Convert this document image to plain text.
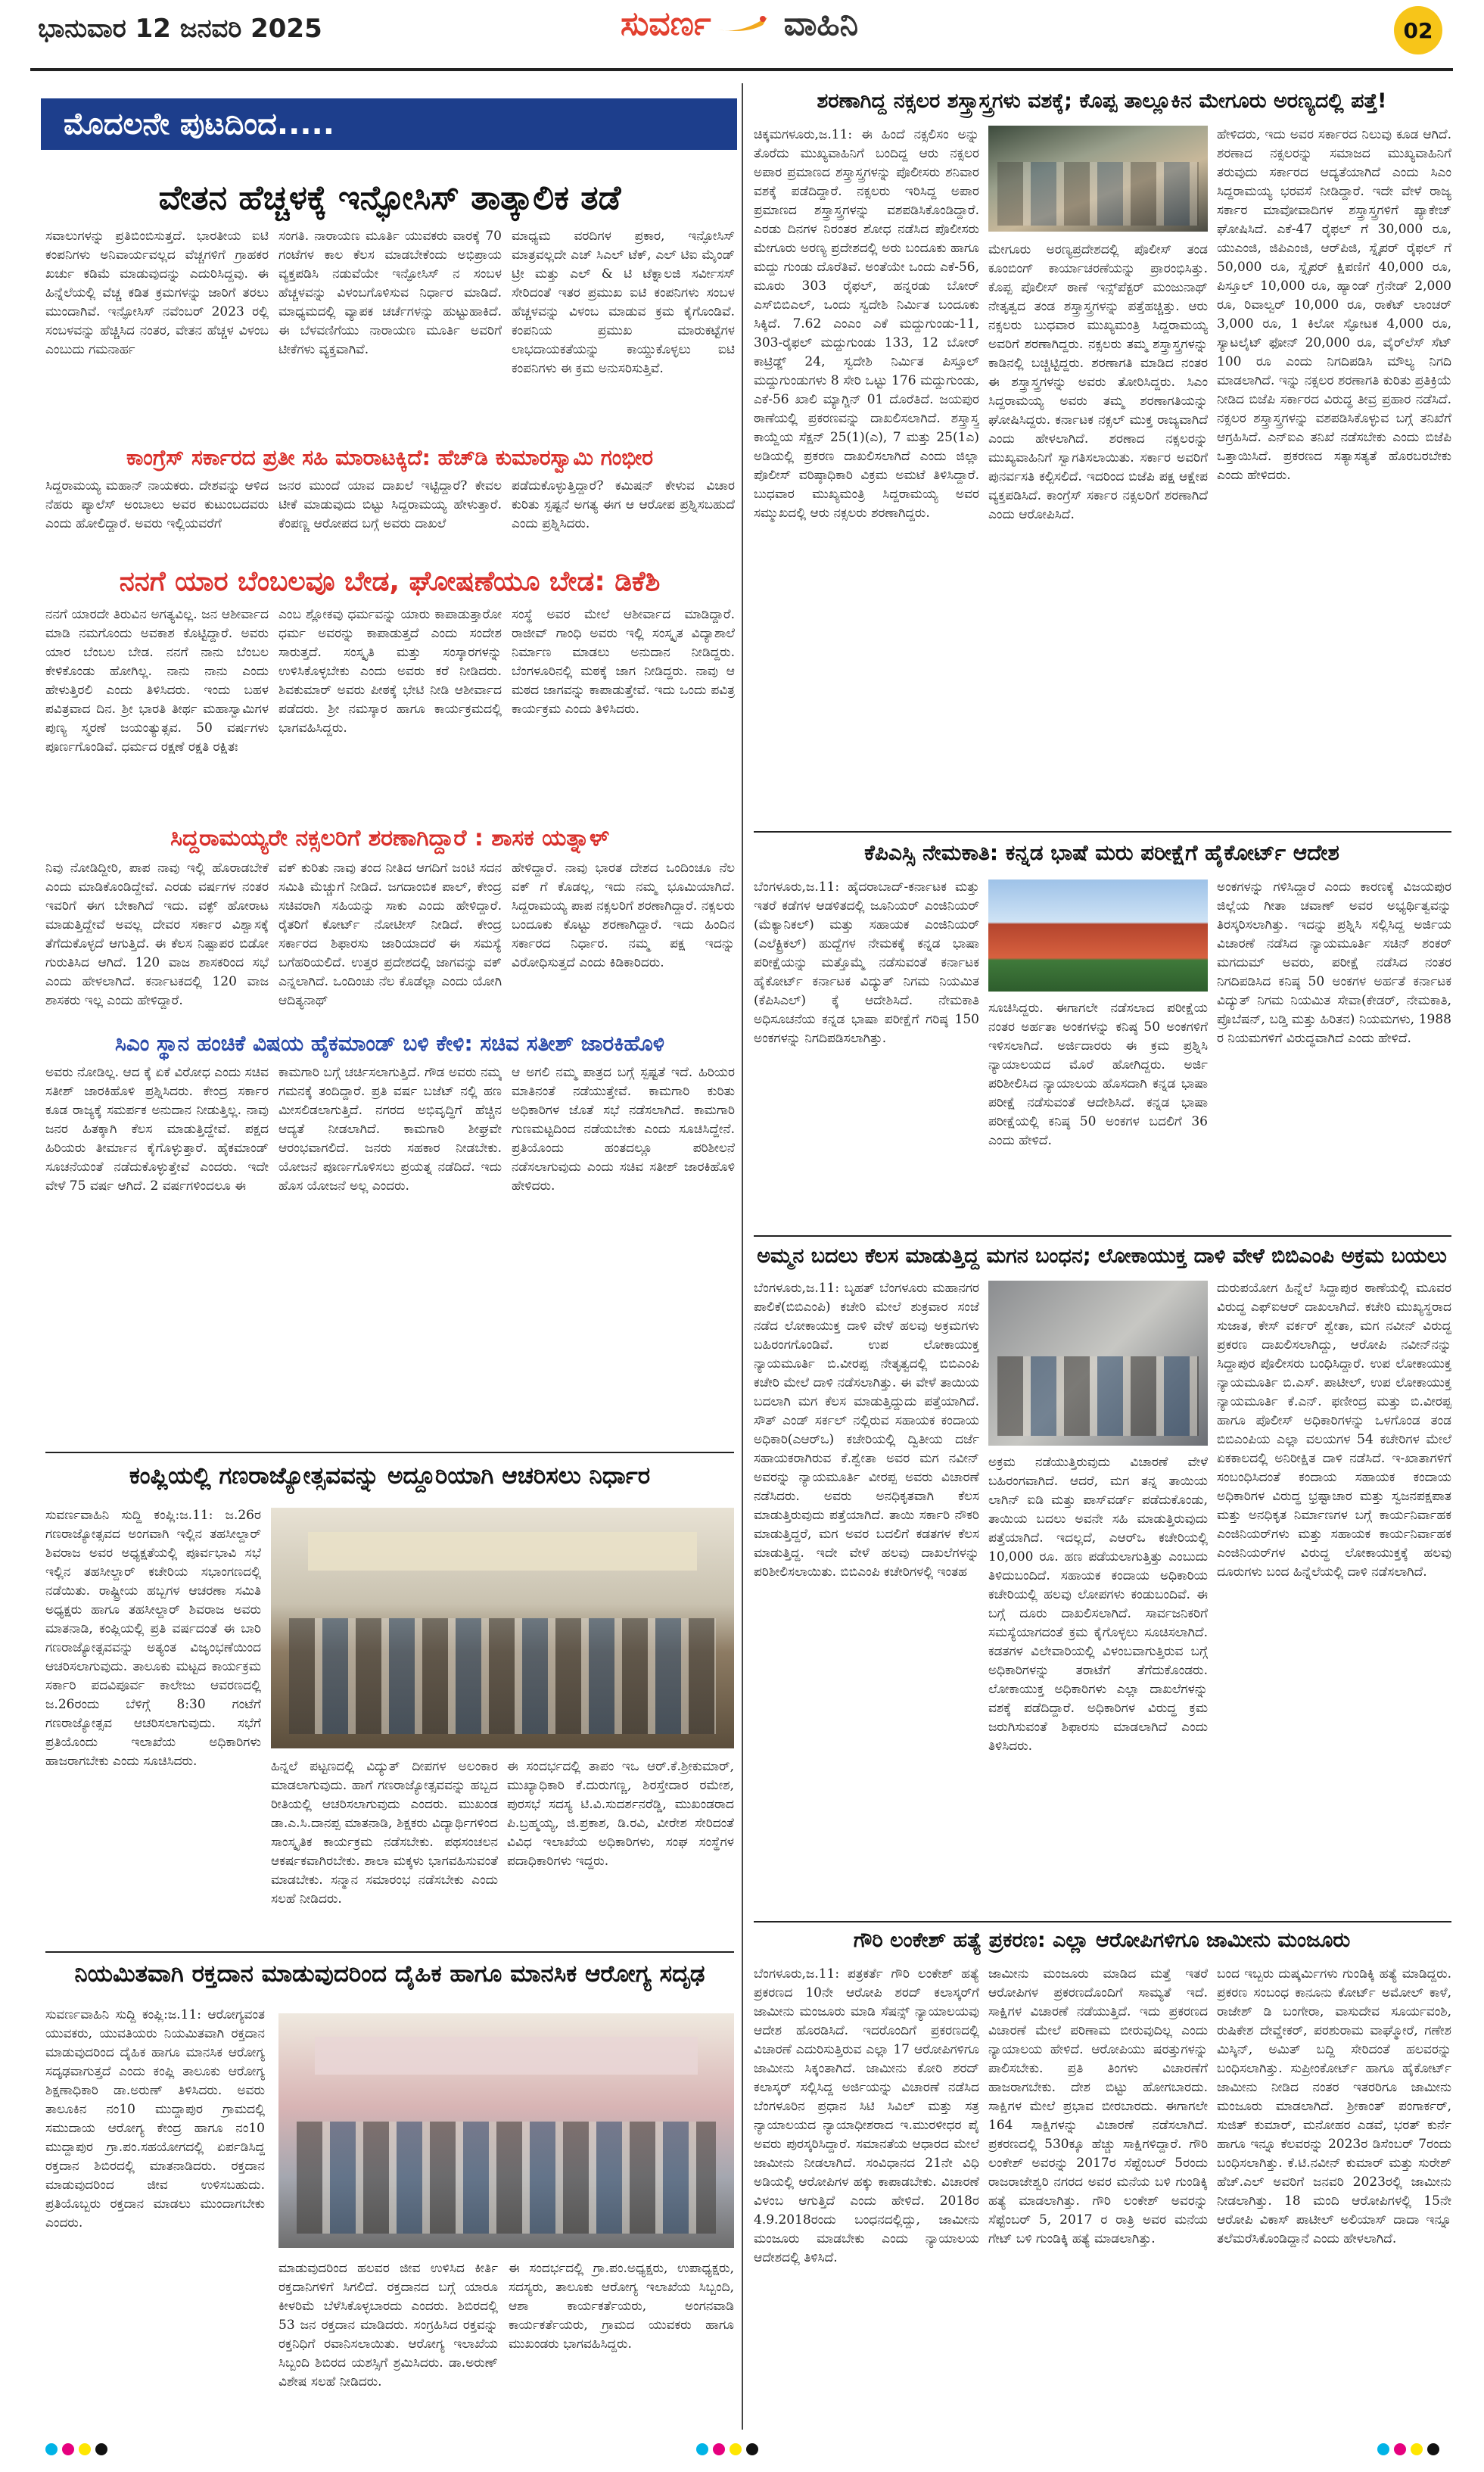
ಭಾನುವಾರ 12 ಜನವರಿ 2025	ಸುವರ್ಣ ವಾಹಿನಿ	02
ಮೊದಲನೇ ಪುಟದಿಂದ.....
ವೇತನ ಹೆಚ್ಚಳಕ್ಕೆ ಇನ್ಫೋಸಿಸ್ ತಾತ್ಕಾಲಿಕ ತಡೆ
ಸವಾಲುಗಳನ್ನು ಪ್ರತಿಬಿಂಬಿಸುತ್ತದೆ. ಭಾರತೀಯ ಐಟಿ ಕಂಪನಿಗಳು ಅನಿವಾರ್ಯವಲ್ಲದ ವೆಚ್ಚಗಳಿಗೆ ಗ್ರಾಹಕರ ಖರ್ಚು ಕಡಿಮೆ ಮಾಡುವುದನ್ನು ಎದುರಿಸಿದ್ದವು. ಈ ಹಿನ್ನೆಲೆಯಲ್ಲಿ ವೆಚ್ಚ ಕಡಿತ ಕ್ರಮಗಳನ್ನು ಜಾರಿಗೆ ತರಲು ಮುಂದಾಗಿವೆ. ಇನ್ಫೋಸಿಸ್ ನವೆಂಬರ್ 2023 ರಲ್ಲಿ ಸಂಬಳವನ್ನು ಹೆಚ್ಚಿಸಿದ ನಂತರ, ವೇತನ ಹೆಚ್ಚಳ ವಿಳಂಬ ಎಂಬುದು ಗಮನಾರ್ಹ
ಸಂಗತಿ. ನಾರಾಯಣ ಮೂರ್ತಿ ಯುವಕರು ವಾರಕ್ಕೆ 70 ಗಂಟೆಗಳ ಕಾಲ ಕೆಲಸ ಮಾಡಬೇಕೆಂದು ಅಭಿಪ್ರಾಯ ವ್ಯಕ್ತಪಡಿಸಿ ನಡುವೆಯೇ ಇನ್ಫೋಸಿಸ್ ನ ಸಂಬಳ ಹೆಚ್ಚಳವನ್ನು ವಿಳಂಬಗೊಳಿಸುವ ನಿರ್ಧಾರ ಮಾಡಿದೆ. ಮಾಧ್ಯಮದಲ್ಲಿ ವ್ಯಾಪಕ ಚರ್ಚೆಗಳನ್ನು ಹುಟ್ಟುಹಾಕಿದೆ. ಈ ಬೆಳವಣಿಗೆಯು ನಾರಾಯಣ ಮೂರ್ತಿ ಅವರಿಗೆ ಟೀಕೆಗಳು ವ್ಯಕ್ತವಾಗಿವೆ.
ಮಾಧ್ಯಮ ವರದಿಗಳ ಪ್ರಕಾರ, ಇನ್ಫೋಸಿಸ್ ಮಾತ್ರವಲ್ಲದೇ ಎಚ್ ಸಿಎಲ್ ಟೆಕ್, ಎಲ್ ಟಿಐ ಮೈಂಡ್ ಟ್ರೀ ಮತ್ತು ಎಲ್ & ಟಿ ಟೆಕ್ನಾಲಜಿ ಸರ್ವೀಸಸ್ ಸೇರಿದಂತೆ ಇತರ ಪ್ರಮುಖ ಐಟಿ ಕಂಪನಿಗಳು ಸಂಬಳ ಹೆಚ್ಚಳವನ್ನು ವಿಳಂಬ ಮಾಡುವ ಕ್ರಮ ಕೈಗೊಂಡಿವೆ. ಕಂಪನಿಯ ಪ್ರಮುಖ ಮಾರುಕಟ್ಟೆಗಳ ಲಾಭದಾಯಕತೆಯನ್ನು ಕಾಯ್ದುಕೊಳ್ಳಲು ಐಟಿ ಕಂಪನಿಗಳು ಈ ಕ್ರಮ ಅನುಸರಿಸುತ್ತಿವೆ.
ಕಾಂಗ್ರೆಸ್ ಸರ್ಕಾರದ ಪ್ರತೀ ಸಹಿ ಮಾರಾಟಕ್ಕಿದೆ: ಹೆಚ್‌ಡಿ ಕುಮಾರಸ್ವಾಮಿ ಗಂಭೀರ
ಸಿದ್ದರಾಮಯ್ಯ ಮಹಾನ್ ನಾಯಕರು. ದೇಶವನ್ನು ಆಳಿದ ನೆಹರು ಪ್ಯಾಲೆಸ್ ಅಂಬಾಲು ಅವರ ಕುಟುಂಬದವರು ಎಂದು ಹೋಲಿದ್ದಾರೆ. ಅವರು ಇಲ್ಲಿಯವರೆಗೆ
ಜನರ ಮುಂದೆ ಯಾವ ದಾಖಲೆ ಇಟ್ಟಿದ್ದಾರೆ? ಕೇವಲ ಟೀಕೆ ಮಾಡುವುದು ಬಿಟ್ಟು ಸಿದ್ದರಾಮಯ್ಯ ಹೇಳುತ್ತಾರೆ. ಕೆಂಪಣ್ಣ ಆರೋಪದ ಬಗ್ಗೆ ಅವರು ದಾಖಲೆ
ಪಡೆದುಕೊಳ್ಳುತ್ತಿದ್ದಾರೆ? ಕಮಿಷನ್ ಕೇಳುವ ವಿಚಾರ ಕುರಿತು ಸ್ಪಷ್ಟನೆ ಅಗತ್ಯ ಈಗ ಆ ಆರೋಪ ಪ್ರಶ್ನಿಸಬಹುದೆ ಎಂದು ಪ್ರಶ್ನಿಸಿದರು.
ನನಗೆ ಯಾರ ಬೆಂಬಲವೂ ಬೇಡ, ಘೋಷಣೆಯೂ ಬೇಡ: ಡಿಕೆಶಿ
ನನಗೆ ಯಾರದೇ ತಿರುವಿನ ಅಗತ್ಯವಿಲ್ಲ. ಜನ ಆಶೀರ್ವಾದ ಮಾಡಿ ನಮಗೊಂದು ಅವಕಾಶ ಕೊಟ್ಟಿದ್ದಾರೆ. ಅವರು ಯಾರ ಬೆಂಬಲ ಬೇಡ. ನನಗೆ ನಾನು ಬೆಂಬಲ ಕೇಳಿಕೊಂಡು ಹೋಗಿಲ್ಲ. ನಾನು ನಾನು ಎಂದು ಹೇಳುತ್ತಿರಲಿ ಎಂದು ತಿಳಿಸಿದರು. ಇಂದು ಬಹಳ ಪವಿತ್ರವಾದ ದಿನ. ಶ್ರೀ ಭಾರತಿ ತೀರ್ಥ ಮಹಾಸ್ವಾಮಿಗಳ ಪುಣ್ಯ ಸ್ಮರಣೆ ಜಯಂತ್ಯುತ್ಸವ. 50 ವರ್ಷಗಳು ಪೂರ್ಣಗೊಂಡಿವೆ. ಧರ್ಮದ ರಕ್ಷಣೆ ರಕ್ಷತಿ ರಕ್ಷಿತಃ
ಎಂಬ ಶ್ಲೋಕವು ಧರ್ಮವನ್ನು ಯಾರು ಕಾಪಾಡುತ್ತಾರೋ ಧರ್ಮ ಅವರನ್ನು ಕಾಪಾಡುತ್ತದೆ ಎಂದು ಸಂದೇಶ ಸಾರುತ್ತದೆ. ಸಂಸ್ಕೃತಿ ಮತ್ತು ಸಂಸ್ಕಾರಗಳನ್ನು ಉಳಿಸಿಕೊಳ್ಳಬೇಕು ಎಂದು ಅವರು ಕರೆ ನೀಡಿದರು. ಶಿವಕುಮಾರ್ ಅವರು ಪೀಠಕ್ಕೆ ಭೇಟಿ ನೀಡಿ ಆಶೀರ್ವಾದ ಪಡೆದರು. ಶ್ರೀ ನಮಸ್ಕಾರ ಹಾಗೂ ಕಾರ್ಯಕ್ರಮದಲ್ಲಿ ಭಾಗವಹಿಸಿದ್ದರು.
ಸಂಸ್ಥೆ ಅವರ ಮೇಲೆ ಆಶೀರ್ವಾದ ಮಾಡಿದ್ದಾರೆ. ರಾಜೀವ್ ಗಾಂಧಿ ಅವರು ಇಲ್ಲಿ ಸಂಸ್ಕೃತ ವಿದ್ಯಾಶಾಲೆ ನಿರ್ಮಾಣ ಮಾಡಲು ಅನುದಾನ ನೀಡಿದ್ದರು. ಬೆಂಗಳೂರಿನಲ್ಲಿ ಮಠಕ್ಕೆ ಜಾಗ ನೀಡಿದ್ದರು. ನಾವು ಆ ಮಠದ ಜಾಗವನ್ನು ಕಾಪಾಡುತ್ತೇವೆ. ಇದು ಒಂದು ಪವಿತ್ರ ಕಾರ್ಯಕ್ರಮ ಎಂದು ತಿಳಿಸಿದರು.
ಸಿದ್ದರಾಮಯ್ಯರೇ ನಕ್ಸಲರಿಗೆ ಶರಣಾಗಿದ್ದಾರೆ : ಶಾಸಕ ಯತ್ನಾಳ್
ನಿವು ನೋಡಿದ್ದೀರಿ, ಪಾಪ ನಾವು ಇಲ್ಲಿ ಹೊರಾಡಬೇಕೆ ಎಂದು ಮಾಡಿಕೊಂಡಿದ್ದೇವೆ. ಎರಡು ವರ್ಷಗಳ ನಂತರ ಇವರಿಗೆ ಈಗ ಬೇಕಾಗಿದೆ ಇದು. ವಕ್ಫ್ ಹೋರಾಟ ಮಾಡುತ್ತಿದ್ದೇವೆ ಅವಲ್ಲ ದೇವರ ಸರ್ಕಾರ ವಿಶ್ವಾಸಕ್ಕೆ ತೆಗೆದುಕೊಳ್ಳದೆ ಆಗುತ್ತಿದೆ. ಈ ಕೆಲಸ ನಿಷ್ಪಾಪರ ಬಿಡೋ ಗುರುತಿಸಿದ ಆಗಿದೆ. 120 ವಾಜ ಶಾಸಕರಿಂದ ಸಭೆ ಎಂದು ಹೇಳಲಾಗಿದೆ. ಕರ್ನಾಟಕದಲ್ಲಿ 120 ವಾಜ ಶಾಸಕರು ಇಲ್ಲ ಎಂದು ಹೇಳಿದ್ದಾರೆ.
ವಕ್ ಕುರಿತು ನಾವು ತಂದ ನೀತಿದ ಆಗದಿಗೆ ಜಂಟಿ ಸದನ ಸಮಿತಿ ಮೆಚ್ಚುಗೆ ನೀಡಿದೆ. ಜಗದಾಂಬಿಕ ಪಾಲ್, ಕೇಂದ್ರ ಸಚಿವರಾಗಿ ಸಹಿಯನ್ನು ಸಾಕು ಎಂದು ಹೇಳಿದ್ದಾರೆ. ರೈತರಿಗೆ ಕೋರ್ಟ್ ನೋಟೀಸ್ ನೀಡಿದೆ. ಕೇಂದ್ರ ಸರ್ಕಾರದ ಶಿಫಾರಸು ಜಾರಿಯಾದರೆ ಈ ಸಮಸ್ಯೆ ಬಗೆಹರಿಯಲಿದೆ. ಉತ್ತರ ಪ್ರದೇಶದಲ್ಲಿ ಜಾಗವನ್ನು ವಕ್ ಎನ್ನಲಾಗಿದೆ. ಒಂದಿಂಚು ನೆಲ ಕೊಡೆಲ್ಲಾ ಎಂದು ಯೋಗಿ ಆದಿತ್ಯನಾಥ್
ಹೇಳಿದ್ದಾರೆ. ನಾವು ಭಾರತ ದೇಶದ ಒಂದಿಂಚೂ ನೆಲ ವಕ್ ಗೆ ಕೊಡಲ್ಲ, ಇದು ನಮ್ಮ ಭೂಮಿಯಾಗಿದೆ. ಸಿದ್ದರಾಮಯ್ಯ ಪಾಪ ನಕ್ಸಲರಿಗೆ ಶರಣಾಗಿದ್ದಾರೆ. ನಕ್ಸಲರು ಬಂದೂಕು ಕೊಟ್ಟು ಶರಣಾಗಿದ್ದಾರೆ. ಇದು ಹಿಂದಿನ ಸರ್ಕಾರದ ನಿರ್ಧಾರ. ನಮ್ಮ ಪಕ್ಷ ಇದನ್ನು ವಿರೋಧಿಸುತ್ತದೆ ಎಂದು ಕಿಡಿಕಾರಿದರು.
ಸಿಎಂ ಸ್ಥಾನ ಹಂಚಿಕೆ ವಿಷಯ ಹೈಕಮಾಂಡ್ ಬಳಿ ಕೇಳಿ: ಸಚಿವ ಸತೀಶ್ ಜಾರಕಿಹೊಳಿ
ಅವರು ನೋಡಿಲ್ಲ. ಆದ ಕ್ಕೆ ಏಕೆ ವಿರೋಧ ಎಂದು ಸಚಿವ ಸತೀಶ್ ಜಾರಕಿಹೊಳಿ ಪ್ರಶ್ನಿಸಿದರು. ಕೇಂದ್ರ ಸರ್ಕಾರ ಕೂಡ ರಾಜ್ಯಕ್ಕೆ ಸಮರ್ಪಕ ಅನುದಾನ ನೀಡುತ್ತಿಲ್ಲ. ನಾವು ಜನರ ಹಿತಕ್ಕಾಗಿ ಕೆಲಸ ಮಾಡುತ್ತಿದ್ದೇವೆ. ಪಕ್ಷದ ಹಿರಿಯರು ತೀರ್ಮಾನ ಕೈಗೊಳ್ಳುತ್ತಾರೆ. ಹೈಕಮಾಂಡ್ ಸೂಚನೆಯಂತೆ ನಡೆದುಕೊಳ್ಳುತ್ತೇವೆ ಎಂದರು. ಇದೇ ವೇಳೆ 75 ವರ್ಷ ಆಗಿದೆ. 2 ವರ್ಷಗಳಿಂದಲೂ ಈ
ಕಾಮಗಾರಿ ಬಗ್ಗೆ ಚರ್ಚಿಸಲಾಗುತ್ತಿದೆ. ಗೌಡ ಅವರು ನಮ್ಮ ಗಮನಕ್ಕೆ ತಂದಿದ್ದಾರೆ. ಪ್ರತಿ ವರ್ಷ ಬಜೆಟ್ ನಲ್ಲಿ ಹಣ ಮೀಸಲಿಡಲಾಗುತ್ತಿದೆ. ನಗರದ ಅಭಿವೃದ್ಧಿಗೆ ಹೆಚ್ಚಿನ ಆದ್ಯತೆ ನೀಡಲಾಗಿದೆ. ಕಾಮಗಾರಿ ಶೀಘ್ರವೇ ಆರಂಭವಾಗಲಿದೆ. ಜನರು ಸಹಕಾರ ನೀಡಬೇಕು. ಯೋಜನೆ ಪೂರ್ಣಗೊಳಿಸಲು ಪ್ರಯತ್ನ ನಡೆದಿದೆ. ಇದು ಹೊಸ ಯೋಜನೆ ಅಲ್ಲ ಎಂದರು.
ಆ ಅಗಲಿ ನಮ್ಮ ಪಾತ್ರದ ಬಗ್ಗೆ ಸ್ಪಷ್ಟತೆ ಇದೆ. ಹಿರಿಯರ ಮಾತಿನಂತೆ ನಡೆಯುತ್ತೇವೆ. ಕಾಮಗಾರಿ ಕುರಿತು ಅಧಿಕಾರಿಗಳ ಜೊತೆ ಸಭೆ ನಡೆಸಲಾಗಿದೆ. ಕಾಮಗಾರಿ ಗುಣಮಟ್ಟದಿಂದ ನಡೆಯಬೇಕು ಎಂದು ಸೂಚಿಸಿದ್ದೇನೆ. ಪ್ರತಿಯೊಂದು ಹಂತದಲ್ಲೂ ಪರಿಶೀಲನೆ ನಡೆಸಲಾಗುವುದು ಎಂದು ಸಚಿವ ಸತೀಶ್ ಜಾರಕಿಹೊಳಿ ಹೇಳಿದರು.
ಕಂಪ್ಲಿಯಲ್ಲಿ ಗಣರಾಜ್ಯೋತ್ಸವವನ್ನು ಅದ್ದೂರಿಯಾಗಿ ಆಚರಿಸಲು ನಿರ್ಧಾರ
ಸುವರ್ಣವಾಹಿನಿ ಸುದ್ದಿ ಕಂಪ್ಲಿ:ಜ.11: ಜ.26ರ ಗಣರಾಜ್ಯೋತ್ಸವದ ಅಂಗವಾಗಿ ಇಲ್ಲಿನ ತಹಸೀಲ್ದಾರ್ ಶಿವರಾಜ ಅವರ ಅಧ್ಯಕ್ಷತೆಯಲ್ಲಿ ಪೂರ್ವಭಾವಿ ಸಭೆ ಇಲ್ಲಿನ ತಹಸೀಲ್ದಾರ್ ಕಚೇರಿಯ ಸಭಾಂಗಣದಲ್ಲಿ ನಡೆಯಿತು. ರಾಷ್ಟ್ರೀಯ ಹಬ್ಬಗಳ ಆಚರಣಾ ಸಮಿತಿ ಅಧ್ಯಕ್ಷರು ಹಾಗೂ ತಹಸೀಲ್ದಾರ್ ಶಿವರಾಜ ಅವರು ಮಾತನಾಡಿ, ಕಂಪ್ಲಿಯಲ್ಲಿ ಪ್ರತಿ ವರ್ಷದಂತೆ ಈ ಬಾರಿ ಗಣರಾಜ್ಯೋತ್ಸವವನ್ನು ಅತ್ಯಂತ ವಿಜೃಂಭಣೆಯಿಂದ ಆಚರಿಸಲಾಗುವುದು. ತಾಲೂಕು ಮಟ್ಟದ ಕಾರ್ಯಕ್ರಮ ಸರ್ಕಾರಿ ಪದವಿಪೂರ್ವ ಕಾಲೇಜು ಆವರಣದಲ್ಲಿ ಜ.26ರಂದು ಬೆಳಿಗ್ಗೆ 8:30 ಗಂಟೆಗೆ ಗಣರಾಜ್ಯೋತ್ಸವ ಆಚರಿಸಲಾಗುವುದು. ಸಭೆಗೆ ಪ್ರತಿಯೊಂದು ಇಲಾಖೆಯ ಅಧಿಕಾರಿಗಳು ಹಾಜರಾಗಬೇಕು ಎಂದು ಸೂಚಿಸಿದರು.	ಹಿನ್ನಲೆ ಪಟ್ಟಣದಲ್ಲಿ ವಿದ್ಯುತ್ ದೀಪಗಳ ಅಲಂಕಾರ ಮಾಡಲಾಗುವುದು. ಹಾಗೆ ಗಣರಾಜ್ಯೋತ್ಸವವನ್ನು ಹಬ್ಬದ ರೀತಿಯಲ್ಲಿ ಆಚರಿಸಲಾಗುವುದು ಎಂದರು. ಮುಖಂಡ ಡಾ.ಎ.ಸಿ.ದಾನಪ್ಪ ಮಾತನಾಡಿ, ಶಿಕ್ಷಕರು ವಿದ್ಯಾರ್ಥಿಗಳಿಂದ ಸಾಂಸ್ಕೃತಿಕ ಕಾರ್ಯಕ್ರಮ ನಡೆಸಬೇಕು. ಪಥಸಂಚಲನ ಆಕರ್ಷಕವಾಗಿರಬೇಕು. ಶಾಲಾ ಮಕ್ಕಳು ಭಾಗವಹಿಸುವಂತೆ ಮಾಡಬೇಕು. ಸನ್ಮಾನ ಸಮಾರಂಭ ನಡೆಸಬೇಕು ಎಂದು ಸಲಹೆ ನೀಡಿದರು.
ಈ ಸಂದರ್ಭದಲ್ಲಿ ತಾಪಂ ಇಒ ಆರ್.ಕೆ.ಶ್ರೀಕುಮಾರ್, ಮುಖ್ಯಾಧಿಕಾರಿ ಕೆ.ದುರುಗಣ್ಣ, ಶಿರಸ್ತೇದಾರ ರಮೇಶ, ಪುರಸಭೆ ಸದಸ್ಯ ಟಿ.ವಿ.ಸುದರ್ಶನರೆಡ್ಡಿ, ಮುಖಂಡರಾದ ಪಿ.ಬ್ರಹ್ಮಯ್ಯ, ಜಿ.ಪ್ರಕಾಶ, ಡಿ.ರವಿ, ವೀರೇಶ ಸೇರಿದಂತೆ ವಿವಿಧ ಇಲಾಖೆಯ ಅಧಿಕಾರಿಗಳು, ಸಂಘ ಸಂಸ್ಥೆಗಳ ಪದಾಧಿಕಾರಿಗಳು ಇದ್ದರು.
ನಿಯಮಿತವಾಗಿ ರಕ್ತದಾನ ಮಾಡುವುದರಿಂದ ದೈಹಿಕ ಹಾಗೂ ಮಾನಸಿಕ ಆರೋಗ್ಯ ಸದೃಢ
ಸುವರ್ಣವಾಹಿನಿ ಸುದ್ದಿ ಕಂಪ್ಲಿ:ಜ.11: ಆರೋಗ್ಯವಂತ ಯುವಕರು, ಯುವತಿಯರು ನಿಯಮಿತವಾಗಿ ರಕ್ತದಾನ ಮಾಡುವುದರಿಂದ ದೈಹಿಕ ಹಾಗೂ ಮಾನಸಿಕ ಆರೋಗ್ಯ ಸದೃಢವಾಗುತ್ತದೆ ಎಂದು ಕಂಪ್ಲಿ ತಾಲೂಕು ಆರೋಗ್ಯ ಶಿಕ್ಷಣಾಧಿಕಾರಿ ಡಾ.ಅರುಣ್ ತಿಳಿಸಿದರು. ಅವರು ತಾಲೂಕಿನ ನಂ10 ಮುದ್ದಾಪುರ ಗ್ರಾಮದಲ್ಲಿ ಸಮುದಾಯ ಆರೋಗ್ಯ ಕೇಂದ್ರ ಹಾಗೂ ನಂ10 ಮುದ್ದಾಪುರ ಗ್ರಾ.ಪಂ.ಸಹಯೋಗದಲ್ಲಿ ಏರ್ಪಡಿಸಿದ್ದ ರಕ್ತದಾನ ಶಿಬಿರದಲ್ಲಿ ಮಾತನಾಡಿದರು. ರಕ್ತದಾನ ಮಾಡುವುದರಿಂದ ಜೀವ ಉಳಿಸಬಹುದು. ಪ್ರತಿಯೊಬ್ಬರು ರಕ್ತದಾನ ಮಾಡಲು ಮುಂದಾಗಬೇಕು ಎಂದರು.
ಮಾಡುವುದರಿಂದ ಹಲವರ ಜೀವ ಉಳಿಸಿದ ಕೀರ್ತಿ ರಕ್ತದಾನಿಗಳಿಗೆ ಸಿಗಲಿದೆ. ರಕ್ತದಾನದ ಬಗ್ಗೆ ಯಾರೂ ಕೀಳರಿಮೆ ಬೆಳೆಸಿಕೊಳ್ಳಬಾರದು ಎಂದರು. ಶಿಬಿರದಲ್ಲಿ 53 ಜನ ರಕ್ತದಾನ ಮಾಡಿದರು. ಸಂಗ್ರಹಿಸಿದ ರಕ್ತವನ್ನು ರಕ್ತನಿಧಿಗೆ ರವಾನಿಸಲಾಯಿತು. ಆರೋಗ್ಯ ಇಲಾಖೆಯ ಸಿಬ್ಬಂದಿ ಶಿಬಿರದ ಯಶಸ್ಸಿಗೆ ಶ್ರಮಿಸಿದರು. ಡಾ.ಅರುಣ್ ವಿಶೇಷ ಸಲಹೆ ನೀಡಿದರು.
ಈ ಸಂದರ್ಭದಲ್ಲಿ ಗ್ರಾ.ಪಂ.ಅಧ್ಯಕ್ಷರು, ಉಪಾಧ್ಯಕ್ಷರು, ಸದಸ್ಯರು, ತಾಲೂಕು ಆರೋಗ್ಯ ಇಲಾಖೆಯ ಸಿಬ್ಬಂದಿ, ಆಶಾ ಕಾರ್ಯಕರ್ತೆಯರು, ಅಂಗನವಾಡಿ ಕಾರ್ಯಕರ್ತೆಯರು, ಗ್ರಾಮದ ಯುವಕರು ಹಾಗೂ ಮುಖಂಡರು ಭಾಗವಹಿಸಿದ್ದರು.
ಶರಣಾಗಿದ್ದ ನಕ್ಸಲರ ಶಸ್ತ್ರಾಸ್ತ್ರಗಳು ವಶಕ್ಕೆ; ಕೊಪ್ಪ ತಾಲ್ಲೂಕಿನ ಮೇಗೂರು ಅರಣ್ಯದಲ್ಲಿ ಪತ್ತೆ!
ಚಿಕ್ಕಮಗಳೂರು,ಜ.11: ಈ ಹಿಂದೆ ನಕ್ಸಲಿಸಂ ಅನ್ನು ತೊರೆದು ಮುಖ್ಯವಾಹಿನಿಗೆ ಬಂದಿದ್ದ ಆರು ನಕ್ಸಲರ ಅಪಾರ ಪ್ರಮಾಣದ ಶಸ್ತ್ರಾಸ್ತ್ರಗಳನ್ನು ಪೊಲೀಸರು ಶನಿವಾರ ವಶಕ್ಕೆ ಪಡೆದಿದ್ದಾರೆ. ನಕ್ಸಲರು ಇರಿಸಿದ್ದ ಅಪಾರ ಪ್ರಮಾಣದ ಶಸ್ತ್ರಾಸ್ತ್ರಗಳನ್ನು ವಶಪಡಿಸಿಕೊಂಡಿದ್ದಾರೆ. ಎರಡು ದಿನಗಳ ನಿರಂತರ ಶೋಧ ನಡೆಸಿದ ಪೊಲೀಸರು ಮೇಗೂರು ಅರಣ್ಯ ಪ್ರದೇಶದಲ್ಲಿ ಅರು ಬಂದೂಕು ಹಾಗೂ ಮದ್ದು ಗುಂಡು ದೊರೆತಿವೆ. ಅಂತೆಯೇ ಒಂದು ಎಕೆ-56, ಮೂರು 303 ರೈಫಲ್, ಹನ್ನರಡು ಬೋರ್ ಎಸ್‌ಬಿಬಿಎಲ್, ಒಂದು ಸ್ವದೇಶಿ ನಿರ್ಮಿತ ಬಂದೂಕು ಸಿಕ್ಕಿದೆ. 7.62 ಎಂಎಂ ಎಕೆ ಮದ್ದುಗುಂಡು-11, 303-ರೈಫಲ್ ಮದ್ದುಗುಂಡು 133, 12 ಬೋರ್ ಕಾಟ್ರಿಡ್ಜ್ 24, ಸ್ವದೇಶಿ ನಿರ್ಮಿತ ಪಿಸ್ತೂಲ್ ಮದ್ದುಗುಂಡುಗಳು 8 ಸೇರಿ ಒಟ್ಟು 176 ಮದ್ದುಗುಂಡು, ಎಕೆ-56 ಖಾಲಿ ಮ್ಯಾಗ್ಜಿನ್ 01 ದೊರೆತಿದೆ. ಜಯಪುರ ಠಾಣೆಯಲ್ಲಿ ಪ್ರಕರಣವನ್ನು ದಾಖಲಿಸಲಾಗಿದೆ. ಶಸ್ತ್ರಾಸ್ತ್ರ ಕಾಯ್ದೆಯ ಸೆಕ್ಷನ್ 25(1)(ಎ), 7 ಮತ್ತು 25(1ಎ) ಅಡಿಯಲ್ಲಿ ಪ್ರಕರಣ ದಾಖಲಿಸಲಾಗಿದೆ ಎಂದು ಜಿಲ್ಲಾ ಪೊಲೀಸ್ ವರಿಷ್ಠಾಧಿಕಾರಿ ವಿಕ್ರಮ ಅಮಟೆ ತಿಳಿಸಿದ್ದಾರೆ. ಬುಧವಾರ ಮುಖ್ಯಮಂತ್ರಿ ಸಿದ್ದರಾಮಯ್ಯ ಅವರ ಸಮ್ಮುಖದಲ್ಲಿ ಆರು ನಕ್ಸಲರು ಶರಣಾಗಿದ್ದರು.
ಮೇಗೂರು ಅರಣ್ಯಪ್ರದೇಶದಲ್ಲಿ ಪೊಲೀಸ್ ತಂಡ ಕೂಂಬಿಂಗ್ ಕಾರ್ಯಾಚರಣೆಯನ್ನು ಪ್ರಾರಂಭಿಸಿತ್ತು. ಕೊಪ್ಪ ಪೊಲೀಸ್ ಠಾಣೆ ಇನ್ಸ್‌ಪೆಕ್ಟರ್ ಮಂಜುನಾಥ್ ನೇತೃತ್ವದ ತಂಡ ಶಸ್ತ್ರಾಸ್ತ್ರಗಳನ್ನು ಪತ್ತೆಹಚ್ಚಿತ್ತು. ಆರು ನಕ್ಸಲರು ಬುಧವಾರ ಮುಖ್ಯಮಂತ್ರಿ ಸಿದ್ದರಾಮಯ್ಯ ಅವರಿಗೆ ಶರಣಾಗಿದ್ದರು. ನಕ್ಸಲರು ತಮ್ಮ ಶಸ್ತ್ರಾಸ್ತ್ರಗಳನ್ನು ಕಾಡಿನಲ್ಲಿ ಬಚ್ಚಿಟ್ಟಿದ್ದರು. ಶರಣಾಗತಿ ಮಾಡಿದ ನಂತರ ಈ ಶಸ್ತ್ರಾಸ್ತ್ರಗಳನ್ನು ಅವರು ತೋರಿಸಿದ್ದರು. ಸಿಎಂ ಸಿದ್ದರಾಮಯ್ಯ ಅವರು ತಮ್ಮ ಶರಣಾಗತಿಯನ್ನು ಘೋಷಿಸಿದ್ದರು. ಕರ್ನಾಟಕ ನಕ್ಸಲ್ ಮುಕ್ತ ರಾಜ್ಯವಾಗಿದೆ ಎಂದು ಹೇಳಲಾಗಿದೆ. ಶರಣಾದ ನಕ್ಸಲರನ್ನು ಮುಖ್ಯವಾಹಿನಿಗೆ ಸ್ವಾಗತಿಸಲಾಯಿತು. ಸರ್ಕಾರ ಅವರಿಗೆ ಪುನರ್ವಸತಿ ಕಲ್ಪಿಸಲಿದೆ. ಇದರಿಂದ ಬಿಜೆಪಿ ಪಕ್ಷ ಆಕ್ಷೇಪ ವ್ಯಕ್ತಪಡಿಸಿದೆ. ಕಾಂಗ್ರೆಸ್ ಸರ್ಕಾರ ನಕ್ಸಲರಿಗೆ ಶರಣಾಗಿದೆ ಎಂದು ಆರೋಪಿಸಿದೆ.
ಹೇಳಿದರು, ಇದು ಅವರ ಸರ್ಕಾರದ ನಿಲುವು ಕೂಡ ಆಗಿದೆ. ಶರಣಾದ ನಕ್ಸಲರನ್ನು ಸಮಾಜದ ಮುಖ್ಯವಾಹಿನಿಗೆ ತರುವುದು ಸರ್ಕಾರದ ಆದ್ಯತೆಯಾಗಿದೆ ಎಂದು ಸಿಎಂ ಸಿದ್ದರಾಮಯ್ಯ ಭರವಸೆ ನೀಡಿದ್ದಾರೆ. ಇದೇ ವೇಳೆ ರಾಜ್ಯ ಸರ್ಕಾರ ಮಾವೋವಾದಿಗಳ ಶಸ್ತ್ರಾಸ್ತ್ರಗಳಿಗೆ ಪ್ಯಾಕೇಜ್ ಘೋಷಿಸಿದೆ. ಎಕೆ-47 ರೈಫಲ್ ಗೆ 30,000 ರೂ, ಯುಎಂಜಿ, ಜಿಪಿಎಂಜಿ, ಆರ್‌ಪಿಜಿ, ಸ್ನೈಪರ್ ರೈಫಲ್ ಗೆ 50,000 ರೂ, ಸ್ನೈಪರ್ ಕ್ಷಿಪಣಿಗೆ 40,000 ರೂ, ಪಿಸ್ತೂಲ್ 10,000 ರೂ, ಹ್ಯಾಂಡ್ ಗ್ರೆನೇಡ್ 2,000 ರೂ, ರಿವಾಲ್ವರ್ 10,000 ರೂ, ರಾಕೆಟ್ ಲಾಂಚರ್ 3,000 ರೂ, 1 ಕಿಲೋ ಸ್ಫೋಟಕ 4,000 ರೂ, ಸ್ಯಾಟಲೈಟ್ ಫೋನ್ 20,000 ರೂ, ವೈರ್‌ಲೆಸ್ ಸೆಟ್ 100 ರೂ ಎಂದು ನಿಗದಿಪಡಿಸಿ ಮೌಲ್ಯ ನಿಗದಿ ಮಾಡಲಾಗಿದೆ. ಇನ್ನು ನಕ್ಸಲರ ಶರಣಾಗತಿ ಕುರಿತು ಪ್ರತಿಕ್ರಿಯೆ ನೀಡಿದ ಬಿಜೆಪಿ ಸರ್ಕಾರದ ವಿರುದ್ಧ ತೀವ್ರ ಪ್ರಹಾರ ನಡೆಸಿದೆ. ನಕ್ಸಲರ ಶಸ್ತ್ರಾಸ್ತ್ರಗಳನ್ನು ವಶಪಡಿಸಿಕೊಳ್ಳುವ ಬಗ್ಗೆ ತನಿಖೆಗೆ ಆಗ್ರಹಿಸಿದೆ. ಎನ್ಐಎ ತನಿಖೆ ನಡೆಸಬೇಕು ಎಂದು ಬಿಜೆಪಿ ಒತ್ತಾಯಿಸಿದೆ. ಪ್ರಕರಣದ ಸತ್ಯಾಸತ್ಯತೆ ಹೊರಬರಬೇಕು ಎಂದು ಹೇಳಿದರು.
ಕೆಪಿಎಸ್ಸಿ ನೇಮಕಾತಿ: ಕನ್ನಡ ಭಾಷೆ ಮರು ಪರೀಕ್ಷೆಗೆ ಹೈಕೋರ್ಟ್ ಆದೇಶ
ಬೆಂಗಳೂರು,ಜ.11: ಹೈದರಾಬಾದ್-ಕರ್ನಾಟಕ ಮತ್ತು ಇತರೆ ಕಡೆಗಳ ಆಡಳಿತದಲ್ಲಿ ಜೂನಿಯರ್ ಎಂಜಿನಿಯರ್ (ಮೆಕ್ಯಾನಿಕಲ್) ಮತ್ತು ಸಹಾಯಕ ಎಂಜಿನಿಯರ್ (ಎಲೆಕ್ಟ್ರಿಕಲ್) ಹುದ್ದೆಗಳ ನೇಮಕಕ್ಕೆ ಕನ್ನಡ ಭಾಷಾ ಪರೀಕ್ಷೆಯನ್ನು ಮತ್ತೊಮ್ಮೆ ನಡೆಸುವಂತೆ ಕರ್ನಾಟಕ ಹೈಕೋರ್ಟ್ ಕರ್ನಾಟಕ ವಿದ್ಯುತ್ ನಿಗಮ ನಿಯಮಿತ (ಕೆಪಿಸಿಎಲ್) ಕ್ಕೆ ಆದೇಶಿಸಿದೆ. ನೇಮಕಾತಿ ಅಧಿಸೂಚನೆಯ ಕನ್ನಡ ಭಾಷಾ ಪರೀಕ್ಷೆಗೆ ಗರಿಷ್ಠ 150 ಅಂಕಗಳನ್ನು ನಿಗದಿಪಡಿಸಲಾಗಿತ್ತು.
ಸೂಚಿಸಿದ್ದರು. ಈಗಾಗಲೇ ನಡೆಸಲಾದ ಪರೀಕ್ಷೆಯ ನಂತರ ಅರ್ಹತಾ ಅಂಕಗಳನ್ನು ಕನಿಷ್ಠ 50 ಅಂಕಗಳಿಗೆ ಇಳಿಸಲಾಗಿದೆ. ಅರ್ಜಿದಾರರು ಈ ಕ್ರಮ ಪ್ರಶ್ನಿಸಿ ನ್ಯಾಯಾಲಯದ ಮೊರೆ ಹೋಗಿದ್ದರು. ಅರ್ಜಿ ಪರಿಶೀಲಿಸಿದ ನ್ಯಾಯಾಲಯ ಹೊಸದಾಗಿ ಕನ್ನಡ ಭಾಷಾ ಪರೀಕ್ಷೆ ನಡೆಸುವಂತೆ ಆದೇಶಿಸಿದೆ. ಕನ್ನಡ ಭಾಷಾ ಪರೀಕ್ಷೆಯಲ್ಲಿ ಕನಿಷ್ಠ 50 ಅಂಕಗಳ ಬದಲಿಗೆ 36 ಎಂದು ಹೇಳಿದೆ.
ಅಂಕಗಳನ್ನು ಗಳಿಸಿದ್ದಾರೆ ಎಂದು ಕಾರಣಕ್ಕೆ ವಿಜಯಪುರ ಜಿಲ್ಲೆಯ ಗೀತಾ ಚವಾಣ್ ಅವರ ಅಭ್ಯರ್ಥಿತ್ವವನ್ನು ತಿರಸ್ಕರಿಸಲಾಗಿತ್ತು. ಇದನ್ನು ಪ್ರಶ್ನಿಸಿ ಸಲ್ಲಿಸಿದ್ದ ಅರ್ಜಿಯ ವಿಚಾರಣೆ ನಡೆಸಿದ ನ್ಯಾಯಮೂರ್ತಿ ಸಚಿನ್ ಶಂಕರ್ ಮಗದುಮ್ ಅವರು, ಪರೀಕ್ಷೆ ನಡೆಸಿದ ನಂತರ ನಿಗದಿಪಡಿಸಿದ ಕನಿಷ್ಠ 50 ಅಂಕಗಳ ಅರ್ಹತೆ ಕರ್ನಾಟಕ ವಿದ್ಯುತ್ ನಿಗಮ ನಿಯಮಿತ ಸೇವಾ(ಕೇಡರ್, ನೇಮಕಾತಿ, ಪ್ರೊಬೆಷನ್, ಬಡ್ತಿ ಮತ್ತು ಹಿರಿತನ) ನಿಯಮಗಳು, 1988 ರ ನಿಯಮಗಳಿಗೆ ವಿರುದ್ಧವಾಗಿದೆ ಎಂದು ಹೇಳಿದೆ.
ಅಮ್ಮನ ಬದಲು ಕೆಲಸ ಮಾಡುತ್ತಿದ್ದ ಮಗನ ಬಂಧನ; ಲೋಕಾಯುಕ್ತ ದಾಳಿ ವೇಳೆ ಬಿಬಿಎಂಪಿ ಅಕ್ರಮ ಬಯಲು
ಬೆಂಗಳೂರು,ಜ.11: ಬೃಹತ್ ಬೆಂಗಳೂರು ಮಹಾನಗರ ಪಾಲಿಕೆ(ಬಿಬಿಎಂಪಿ) ಕಚೇರಿ ಮೇಲೆ ಶುಕ್ರವಾರ ಸಂಜೆ ನಡೆದ ಲೋಕಾಯುಕ್ತ ದಾಳಿ ವೇಳೆ ಹಲವು ಅಕ್ರಮಗಳು ಬಹಿರಂಗಗೊಂಡಿವೆ. ಉಪ ಲೋಕಾಯುಕ್ತ ನ್ಯಾಯಮೂರ್ತಿ ಬಿ.ವೀರಪ್ಪ ನೇತೃತ್ವದಲ್ಲಿ ಬಿಬಿಎಂಪಿ ಕಚೇರಿ ಮೇಲೆ ದಾಳಿ ನಡೆಸಲಾಗಿತ್ತು. ಈ ವೇಳೆ ತಾಯಿಯ ಬದಲಾಗಿ ಮಗ ಕೆಲಸ ಮಾಡುತ್ತಿದ್ದುದು ಪತ್ತೆಯಾಗಿದೆ. ಸೌತ್ ಎಂಡ್ ಸರ್ಕಲ್ ನಲ್ಲಿರುವ ಸಹಾಯಕ ಕಂದಾಯ ಅಧಿಕಾರಿ(ಎಆರ್‌ಒ) ಕಚೇರಿಯಲ್ಲಿ ದ್ವಿತೀಯ ದರ್ಜೆ ಸಹಾಯಕರಾಗಿರುವ ಕೆ.ಶ್ವೇತಾ ಅವರ ಮಗ ನವೀನ್ ಅವರನ್ನು ನ್ಯಾಯಮೂರ್ತಿ ವೀರಪ್ಪ ಅವರು ವಿಚಾರಣೆ ನಡೆಸಿದರು. ಅವರು ಅನಧಿಕೃತವಾಗಿ ಕೆಲಸ ಮಾಡುತ್ತಿರುವುದು ಪತ್ತೆಯಾಗಿದೆ. ತಾಯಿ ಸರ್ಕಾರಿ ನೌಕರಿ ಮಾಡುತ್ತಿದ್ದರೆ, ಮಗ ಅವರ ಬದಲಿಗೆ ಕಡತಗಳ ಕೆಲಸ ಮಾಡುತ್ತಿದ್ದ. ಇದೇ ವೇಳೆ ಹಲವು ದಾಖಲೆಗಳನ್ನು ಪರಿಶೀಲಿಸಲಾಯಿತು. ಬಿಬಿಎಂಪಿ ಕಚೇರಿಗಳಲ್ಲಿ ಇಂತಹ
ಅಕ್ರಮ ನಡೆಯುತ್ತಿರುವುದು ವಿಚಾರಣೆ ವೇಳೆ ಬಹಿರಂಗವಾಗಿದೆ. ಆದರೆ, ಮಗ ತನ್ನ ತಾಯಿಯ ಲಾಗಿನ್ ಐಡಿ ಮತ್ತು ಪಾಸ್‌ವರ್ಡ್ ಪಡೆದುಕೊಂಡು, ತಾಯಿಯ ಬದಲು ಅವನೇ ಸಹಿ ಮಾಡುತ್ತಿರುವುದು ಪತ್ತೆಯಾಗಿದೆ. ಇದಲ್ಲದೆ, ಎಆರ್‌ಒ ಕಚೇರಿಯಲ್ಲಿ 10,000 ರೂ. ಹಣ ಪಡೆಯಲಾಗುತ್ತಿತ್ತು ಎಂಬುದು ತಿಳಿದುಬಂದಿದೆ. ಸಹಾಯಕ ಕಂದಾಯ ಅಧಿಕಾರಿಯ ಕಚೇರಿಯಲ್ಲಿ ಹಲವು ಲೋಪಗಳು ಕಂಡುಬಂದಿವೆ. ಈ ಬಗ್ಗೆ ದೂರು ದಾಖಲಿಸಲಾಗಿದೆ. ಸಾರ್ವಜನಿಕರಿಗೆ ಸಮಸ್ಯೆಯಾಗದಂತೆ ಕ್ರಮ ಕೈಗೊಳ್ಳಲು ಸೂಚಿಸಲಾಗಿದೆ. ಕಡತಗಳ ವಿಲೇವಾರಿಯಲ್ಲಿ ವಿಳಂಬವಾಗುತ್ತಿರುವ ಬಗ್ಗೆ ಅಧಿಕಾರಿಗಳನ್ನು ತರಾಟೆಗೆ ತೆಗೆದುಕೊಂಡರು. ಲೋಕಾಯುಕ್ತ ಅಧಿಕಾರಿಗಳು ಎಲ್ಲಾ ದಾಖಲೆಗಳನ್ನು ವಶಕ್ಕೆ ಪಡೆದಿದ್ದಾರೆ. ಅಧಿಕಾರಿಗಳ ವಿರುದ್ಧ ಕ್ರಮ ಜರುಗಿಸುವಂತೆ ಶಿಫಾರಸು ಮಾಡಲಾಗಿದೆ ಎಂದು ತಿಳಿಸಿದರು.
ದುರುಪಯೋಗ ಹಿನ್ನೆಲೆ ಸಿದ್ದಾಪುರ ಠಾಣೆಯಲ್ಲಿ ಮೂವರ ವಿರುದ್ಧ ಎಫ್ಐಆರ್ ದಾಖಲಾಗಿದೆ. ಕಚೇರಿ ಮುಖ್ಯಸ್ಥರಾದ ಸುಜಾತ, ಕೇಸ್ ವರ್ಕರ್ ಶ್ವೇತಾ, ಮಗ ನವೀನ್ ವಿರುದ್ಧ ಪ್ರಕರಣ ದಾಖಲಿಸಲಾಗಿದ್ದು, ಆರೋಪಿ ನವೀನ್‌ನನ್ನು ಸಿದ್ದಾಪುರ ಪೊಲೀಸರು ಬಂಧಿಸಿದ್ದಾರೆ. ಉಪ ಲೋಕಾಯುಕ್ತ ನ್ಯಾಯಮೂರ್ತಿ ಬಿ.ಎಸ್. ಪಾಟೀಲ್, ಉಪ ಲೋಕಾಯುಕ್ತ ನ್ಯಾಯಮೂರ್ತಿ ಕೆ.ಎನ್. ಫಣೀಂದ್ರ ಮತ್ತು ಬಿ.ವೀರಪ್ಪ ಹಾಗೂ ಪೊಲೀಸ್ ಅಧಿಕಾರಿಗಳನ್ನು ಒಳಗೊಂಡ ತಂಡ ಬಿಬಿಎಂಪಿಯ ಎಲ್ಲಾ ವಲಯಗಳ 54 ಕಚೇರಿಗಳ ಮೇಲೆ ಏಕಕಾಲದಲ್ಲಿ ಅನಿರೀಕ್ಷಿತ ದಾಳಿ ನಡೆಸಿದೆ. ಇ-ಖಾತಾಗಳಿಗೆ ಸಂಬಂಧಿಸಿದಂತೆ ಕಂದಾಯ ಸಹಾಯಕ ಕಂದಾಯ ಅಧಿಕಾರಿಗಳ ವಿರುದ್ಧ ಭ್ರಷ್ಟಾಚಾರ ಮತ್ತು ಸ್ವಜನಪಕ್ಷಪಾತ ಮತ್ತು ಅನಧಿಕೃತ ನಿರ್ಮಾಣಗಳ ಬಗ್ಗೆ ಕಾರ್ಯನಿರ್ವಾಹಕ ಎಂಜಿನಿಯರ್‌ಗಳು ಮತ್ತು ಸಹಾಯಕ ಕಾರ್ಯನಿರ್ವಾಹಕ ಎಂಜಿನಿಯರ್‌ಗಳ ವಿರುದ್ಧ ಲೋಕಾಯುಕ್ತಕ್ಕೆ ಹಲವು ದೂರುಗಳು ಬಂದ ಹಿನ್ನೆಲೆಯಲ್ಲಿ ದಾಳಿ ನಡೆಸಲಾಗಿದೆ.
ಗೌರಿ ಲಂಕೇಶ್ ಹತ್ಯೆ ಪ್ರಕರಣ: ಎಲ್ಲಾ ಆರೋಪಿಗಳಿಗೂ ಜಾಮೀನು ಮಂಜೂರು
ಬೆಂಗಳೂರು,ಜ.11: ಪತ್ರಕರ್ತೆ ಗೌರಿ ಲಂಕೇಶ್ ಹತ್ಯೆ ಪ್ರಕರಣದ 10ನೇ ಆರೋಪಿ ಶರದ್ ಕಲಾಸ್ಕರ್‌ಗೆ ಜಾಮೀನು ಮಂಜೂರು ಮಾಡಿ ಸೆಷನ್ಸ್ ನ್ಯಾಯಾಲಯವು ಆದೇಶ ಹೊರಡಿಸಿದೆ. ಇದರೊಂದಿಗೆ ಪ್ರಕರಣದಲ್ಲಿ ವಿಚಾರಣೆ ಎದುರಿಸುತ್ತಿರುವ ಎಲ್ಲಾ 17 ಆರೋಪಿಗಳಿಗೂ ಜಾಮೀನು ಸಿಕ್ಕಂತಾಗಿದೆ. ಜಾಮೀನು ಕೋರಿ ಶರದ್ ಕಲಾಸ್ಕರ್ ಸಲ್ಲಿಸಿದ್ದ ಅರ್ಜಿಯನ್ನು ವಿಚಾರಣೆ ನಡೆಸಿದ ಬೆಂಗಳೂರಿನ ಪ್ರಧಾನ ಸಿಟಿ ಸಿವಿಲ್ ಮತ್ತು ಸತ್ರ ನ್ಯಾಯಾಲಯದ ನ್ಯಾಯಾಧೀಶರಾದ ಇ.ಮುರಳೀಧರ ಪೈ ಅವರು ಪುರಸ್ಕರಿಸಿದ್ದಾರೆ. ಸಮಾನತೆಯ ಆಧಾರದ ಮೇಲೆ ಜಾಮೀನು ನೀಡಲಾಗಿದೆ. ಸಂವಿಧಾನದ 21ನೇ ವಿಧಿ ಅಡಿಯಲ್ಲಿ ಆರೋಪಿಗಳ ಹಕ್ಕು ಕಾಪಾಡಬೇಕು. ವಿಚಾರಣೆ ವಿಳಂಬ ಆಗುತ್ತಿದೆ ಎಂದು ಹೇಳಿದೆ. 2018ರ 4.9.2018ರಂದು ಬಂಧನದಲ್ಲಿದ್ದು, ಜಾಮೀನು ಮಂಜೂರು ಮಾಡಬೇಕು ಎಂದು ನ್ಯಾಯಾಲಯ ಆದೇಶದಲ್ಲಿ ತಿಳಿಸಿದೆ.
ಜಾಮೀನು ಮಂಜೂರು ಮಾಡಿದ ಮತ್ತೆ ಇತರೆ ಆರೋಪಿಗಳ ಪ್ರಕರಣದೊಂದಿಗೆ ಸಾಮ್ಯತೆ ಇದೆ. ಸಾಕ್ಷಿಗಳ ವಿಚಾರಣೆ ನಡೆಯುತ್ತಿದೆ. ಇದು ಪ್ರಕರಣದ ವಿಚಾರಣೆ ಮೇಲೆ ಪರಿಣಾಮ ಬೀರುವುದಿಲ್ಲ ಎಂದು ನ್ಯಾಯಾಲಯ ಹೇಳಿದೆ. ಆರೋಪಿಯು ಷರತ್ತುಗಳನ್ನು ಪಾಲಿಸಬೇಕು. ಪ್ರತಿ ತಿಂಗಳು ವಿಚಾರಣೆಗೆ ಹಾಜರಾಗಬೇಕು. ದೇಶ ಬಿಟ್ಟು ಹೋಗಬಾರದು. ಸಾಕ್ಷಿಗಳ ಮೇಲೆ ಪ್ರಭಾವ ಬೀರಬಾರದು. ಈಗಾಗಲೇ 164 ಸಾಕ್ಷಿಗಳನ್ನು ವಿಚಾರಣೆ ನಡೆಸಲಾಗಿದೆ. ಪ್ರಕರಣದಲ್ಲಿ 530ಕ್ಕೂ ಹೆಚ್ಚು ಸಾಕ್ಷಿಗಳಿದ್ದಾರೆ. ಗೌರಿ ಲಂಕೇಶ್ ಅವರನ್ನು 2017ರ ಸೆಪ್ಟೆಂಬರ್ 5ರಂದು ರಾಜರಾಜೇಶ್ವರಿ ನಗರದ ಅವರ ಮನೆಯ ಬಳಿ ಗುಂಡಿಕ್ಕಿ ಹತ್ಯೆ ಮಾಡಲಾಗಿತ್ತು. ಗೌರಿ ಲಂಕೇಶ್ ಅವರನ್ನು ಸೆಪ್ಟೆಂಬರ್ 5, 2017 ರ ರಾತ್ರಿ ಅವರ ಮನೆಯ ಗೇಟ್ ಬಳಿ ಗುಂಡಿಕ್ಕಿ ಹತ್ಯೆ ಮಾಡಲಾಗಿತ್ತು.
ಬಂದ ಇಬ್ಬರು ದುಷ್ಕರ್ಮಿಗಳು ಗುಂಡಿಕ್ಕಿ ಹತ್ಯೆ ಮಾಡಿದ್ದರು. ಪ್ರಕರಣ ಸಂಬಂಧ ಕಾನೂನು ಕೋರ್ಟ್ ಅಮೋಲ್ ಕಾಳೆ, ರಾಜೇಶ್ ಡಿ ಬಂಗೇರಾ, ವಾಸುದೇವ ಸೂರ್ಯವಂಶಿ, ರುಷಿಕೇಶ ದೇವ್ಡೇಕರ್, ಪರಶುರಾಮ ವಾಘ್ಮೋರೆ, ಗಣೇಶ ಮಿಸ್ಕಿನ್, ಅಮಿತ್ ಬದ್ದಿ ಸೇರಿದಂತೆ ಹಲವರನ್ನು ಬಂಧಿಸಲಾಗಿತ್ತು. ಸುಪ್ರೀಂಕೋರ್ಟ್ ಹಾಗೂ ಹೈಕೋರ್ಟ್ ಜಾಮೀನು ನೀಡಿದ ನಂತರ ಇತರರಿಗೂ ಜಾಮೀನು ಮಂಜೂರು ಮಾಡಲಾಗಿದೆ. ಶ್ರೀಕಾಂತ್ ಪಂಗಾರ್ಕರ್, ಸುಜಿತ್ ಕುಮಾರ್, ಮನೋಹರ ಎಡವೆ, ಭರತ್ ಕುರ್ನೆ ಹಾಗೂ ಇನ್ನೂ ಕೆಲವರನ್ನು 2023ರ ಡಿಸೆಂಬರ್ 7ರಂದು ಬಂಧಿಸಲಾಗಿತ್ತು. ಕೆ.ಟಿ.ನವೀನ್ ಕುಮಾರ್ ಮತ್ತು ಸುರೇಶ್ ಹೆಚ್.ಎಲ್ ಅವರಿಗೆ ಜನವರಿ 2023ರಲ್ಲಿ ಜಾಮೀನು ನೀಡಲಾಗಿತ್ತು. 18 ಮಂದಿ ಆರೋಪಿಗಳಲ್ಲಿ 15ನೇ ಆರೋಪಿ ವಿಕಾಸ್ ಪಾಟೀಲ್ ಅಲಿಯಾಸ್ ದಾದಾ ಇನ್ನೂ ತಲೆಮರೆಸಿಕೊಂಡಿದ್ದಾನೆ ಎಂದು ಹೇಳಲಾಗಿದೆ.
